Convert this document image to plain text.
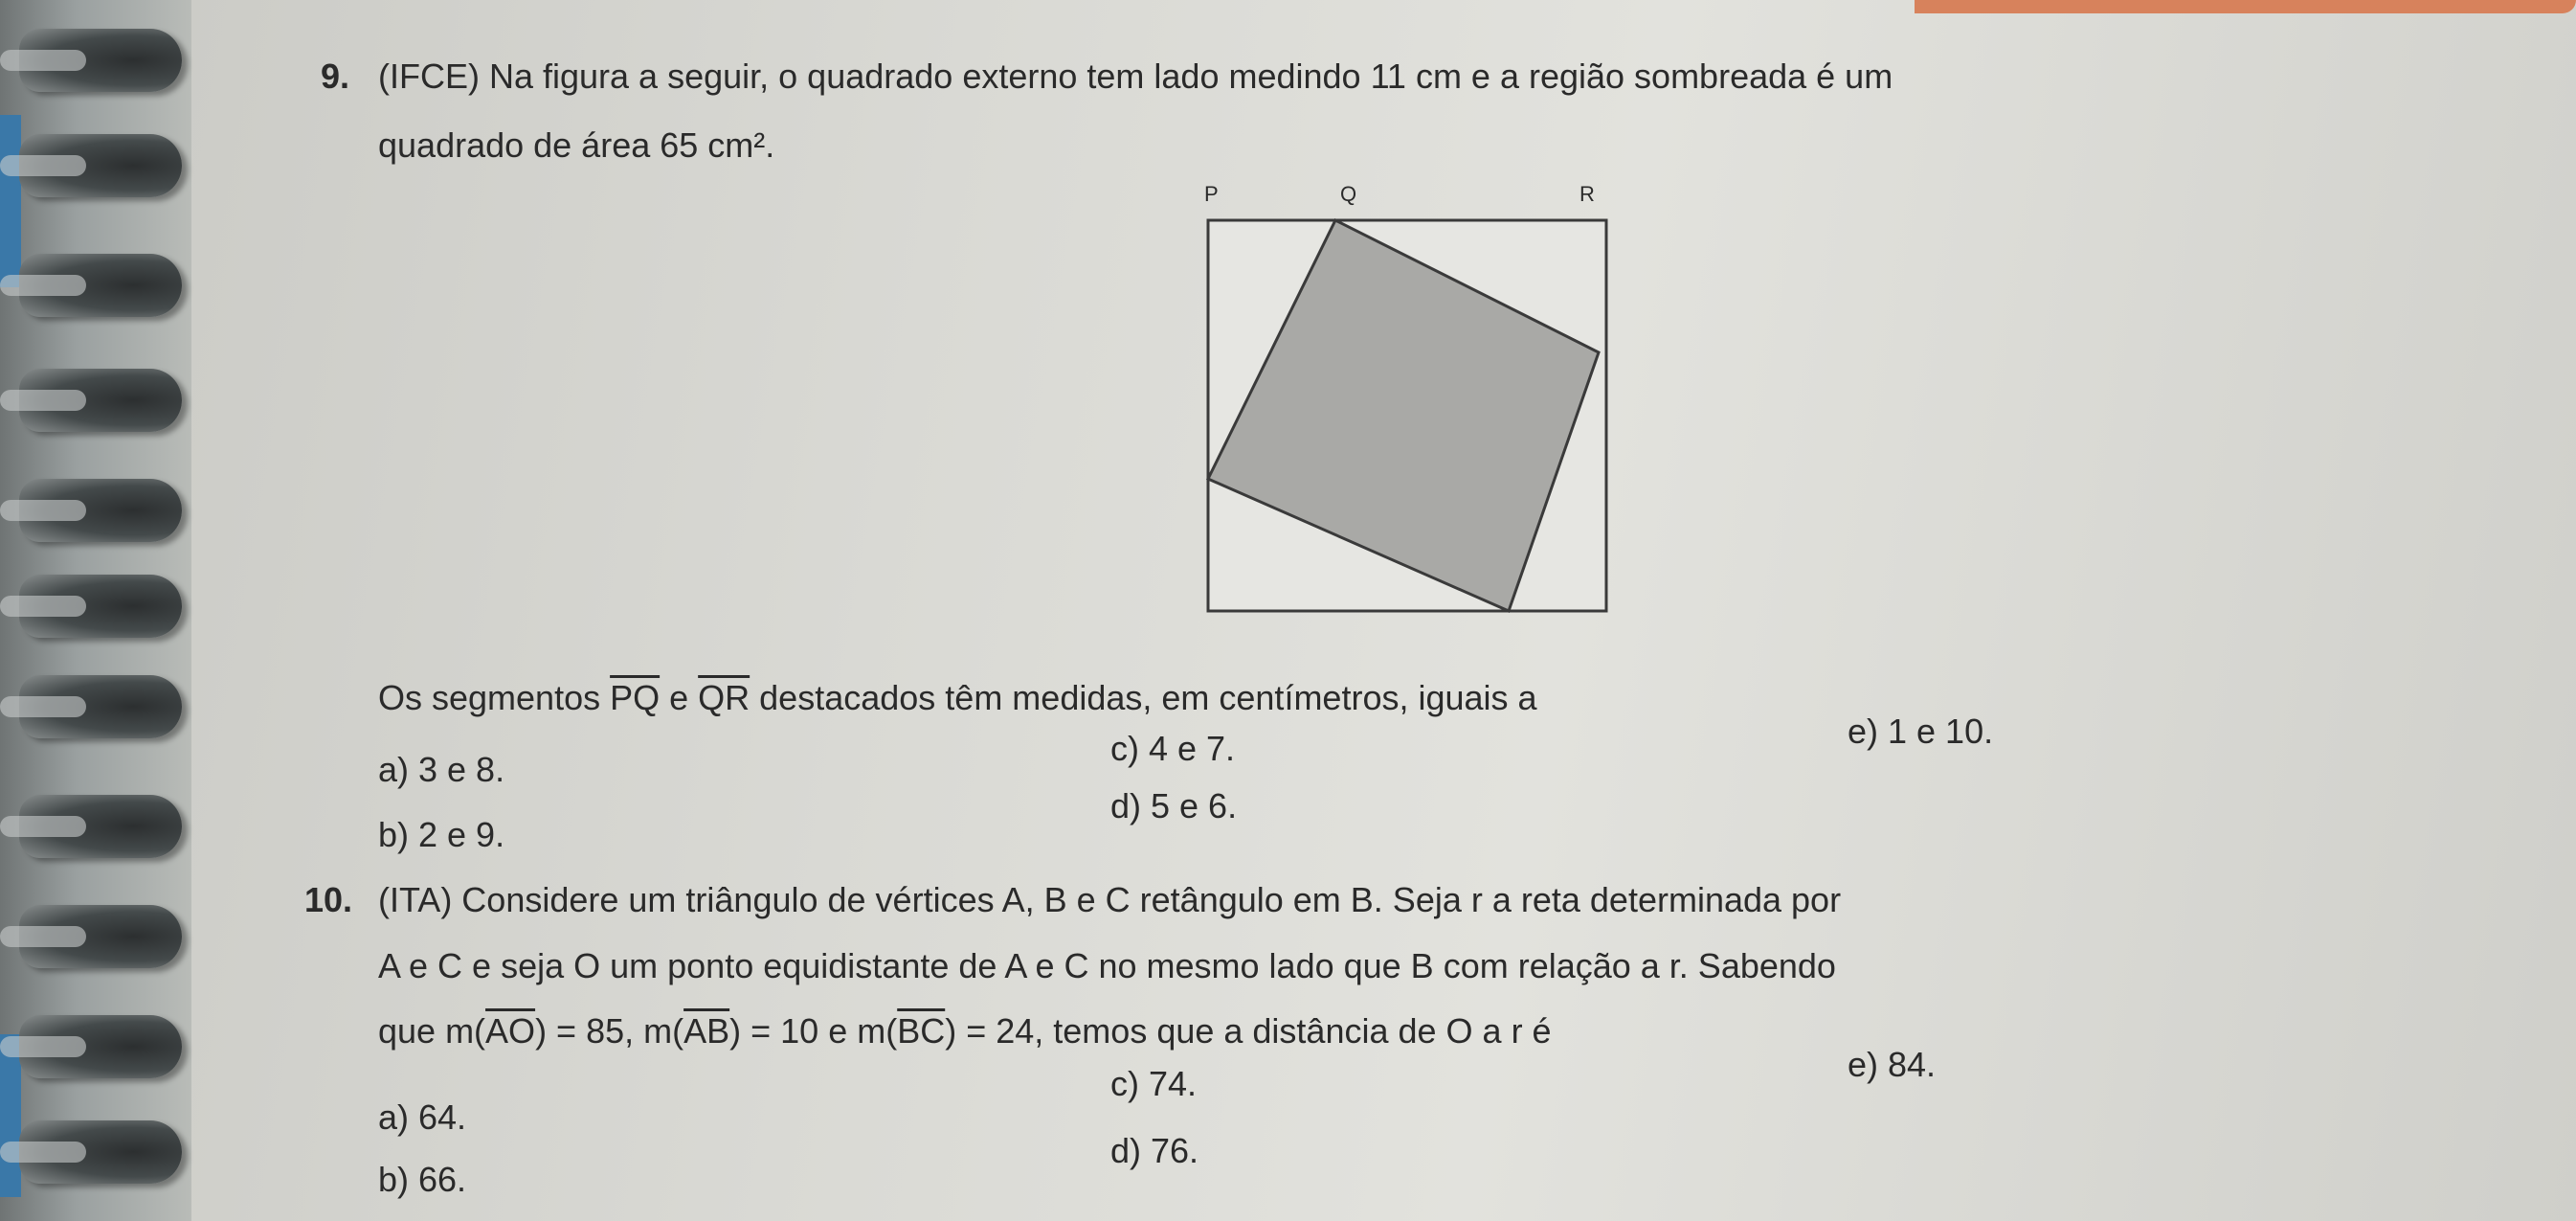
9. (IFCE) Na figura a seguir, o quadrado externo tem lado medindo 11 cm e a região sombreada é um
quadrado de área 65 cm².
P	Q	R
Os segmentos $\overline{PQ}$ e $\overline{QR}$ destacados têm medidas, em centímetros, iguais a
a) 3 e 8.
b) 2 e 9.
c) 4 e 7.
d) 5 e 6.
e) 1 e 10.
10. (ITA) Considere um triângulo de vértices A, B e C retângulo em B. Seja r a reta determinada por
A e C e seja O um ponto equidistante de A e C no mesmo lado que B com relação a r. Sabendo
que $m(\overline{AO}) = 85$, $m(\overline{AB}) = 10$ e $m(\overline{BC}) = 24$, temos que a distância de O a r é
a) 64.
b) 66.
c) 74.
d) 76.
e) 84.
